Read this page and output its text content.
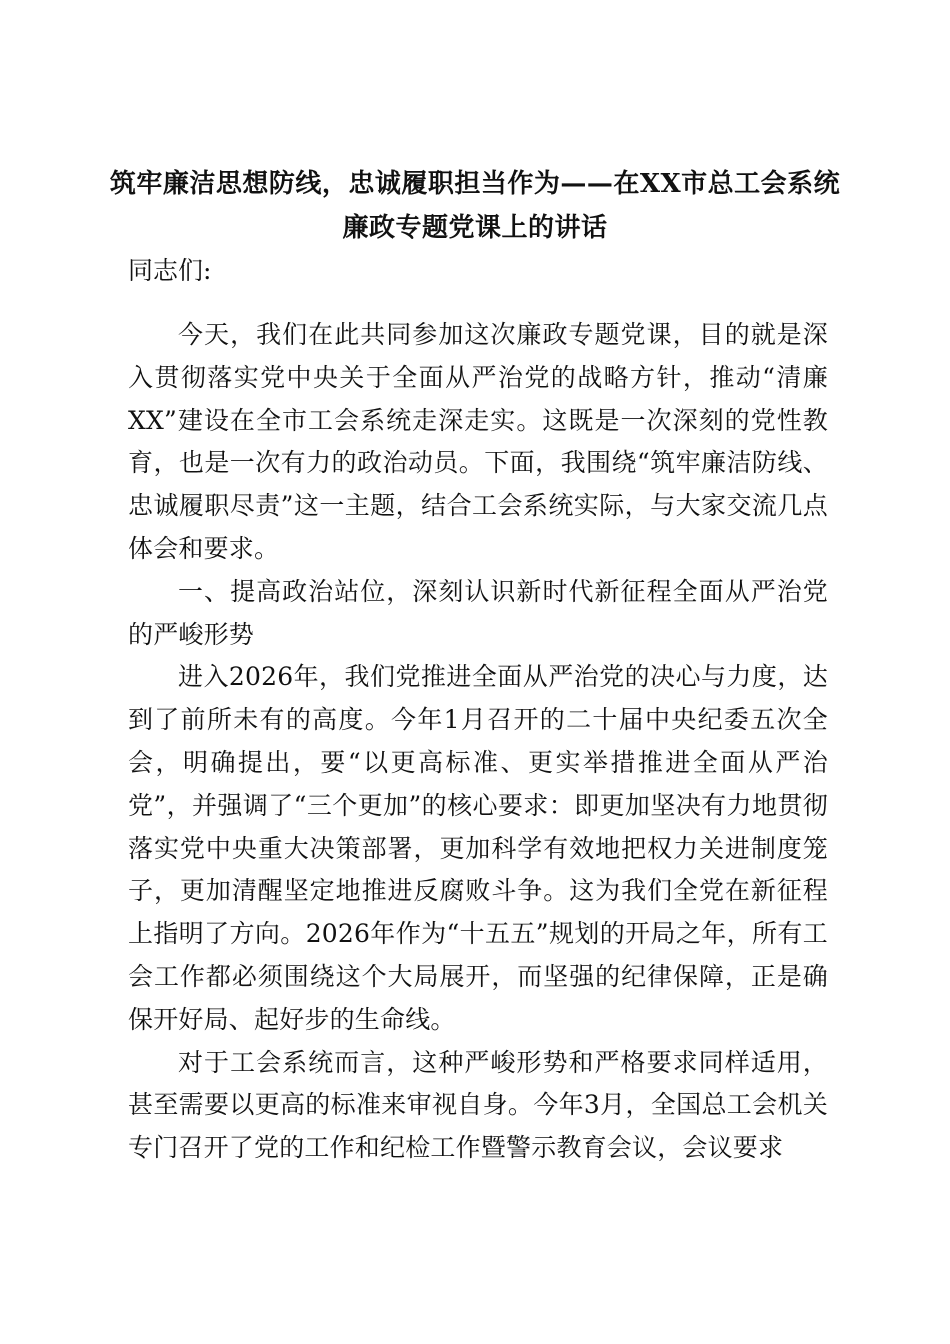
筑牢廉洁思想防线，忠诚履职担当作为——在XX市总工会系统
廉政专题党课上的讲话
同志们:

今天，我们在此共同参加这次廉政专题党课，目的就是深入贯彻落实党中央关于全面从严治党的战略方针，推动“清廉XX”建设在全市工会系统走深走实。这既是一次深刻的党性教育，也是一次有力的政治动员。下面，我围绕“筑牢廉洁防线、忠诚履职尽责”这一主题，结合工会系统实际，与大家交流几点体会和要求。

一、提高政治站位，深刻认识新时代新征程全面从严治党的严峻形势

进入2026年，我们党推进全面从严治党的决心与力度，达到了前所未有的高度。今年1月召开的二十届中央纪委五次全会，明确提出，要“以更高标准、更实举措推进全面从严治党”，并强调了“三个更加”的核心要求：即更加坚决有力地贯彻落实党中央重大决策部署，更加科学有效地把权力关进制度笼子，更加清醒坚定地推进反腐败斗争。这为我们全党在新征程上指明了方向。2026年作为“十五五”规划的开局之年，所有工会工作都必须围绕这个大局展开，而坚强的纪律保障，正是确保开好局、起好步的生命线。

对于工会系统而言，这种严峻形势和严格要求同样适用，甚至需要以更高的标准来审视自身。今年3月，全国总工会机关专门召开了党的工作和纪检工作暨警示教育会议，会议要求
